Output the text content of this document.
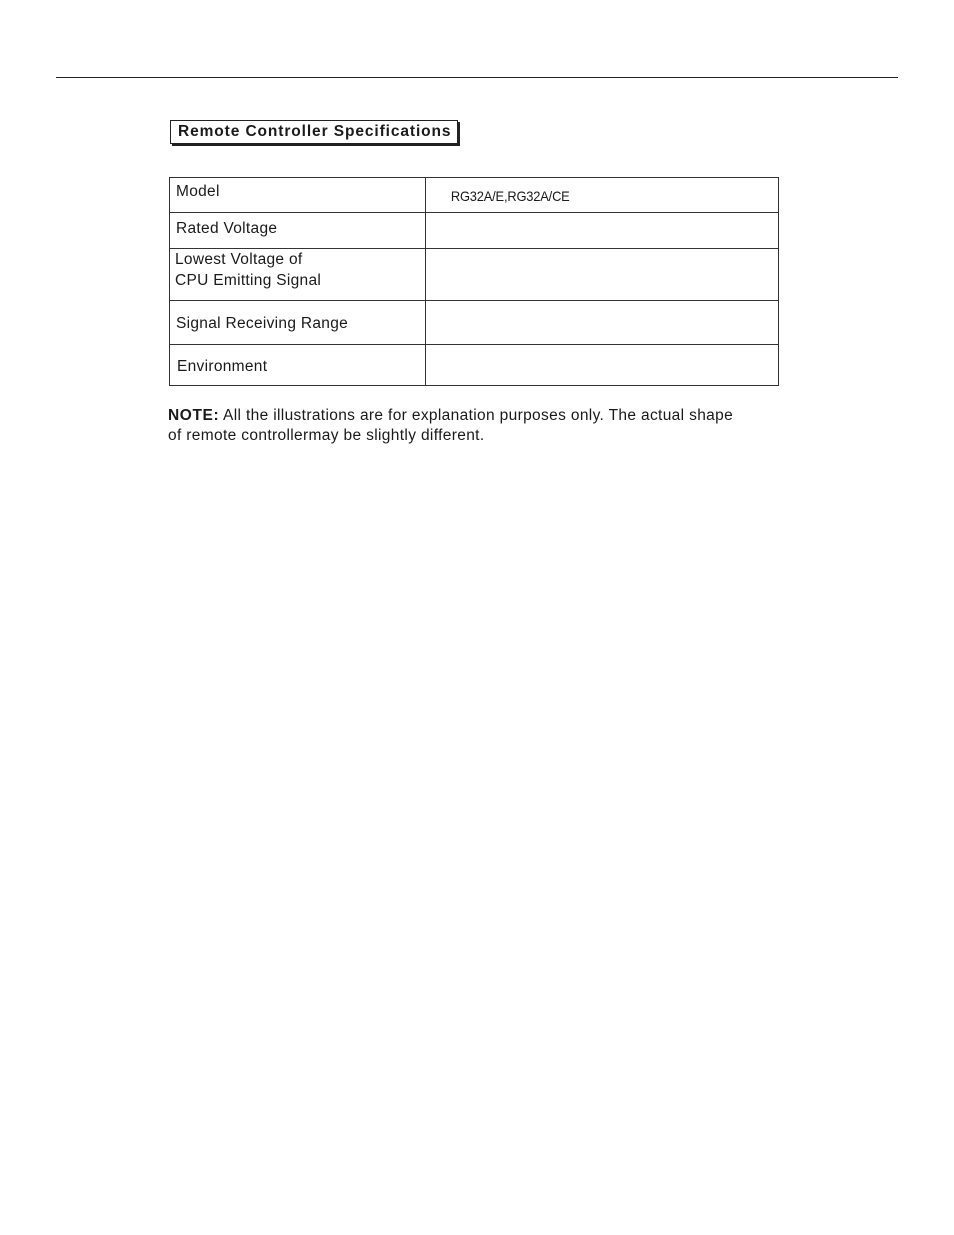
Remote Controller Specifications
Model	RG32A/E,RG32A/CE

Rated Voltage	

Lowest Voltage of
CPU Emitting Signal	

Signal Receiving Range	

Environment	

NOTE: All the illustrations are for explanation purposes only. The actual shape
of remote controllermay be slightly different.
